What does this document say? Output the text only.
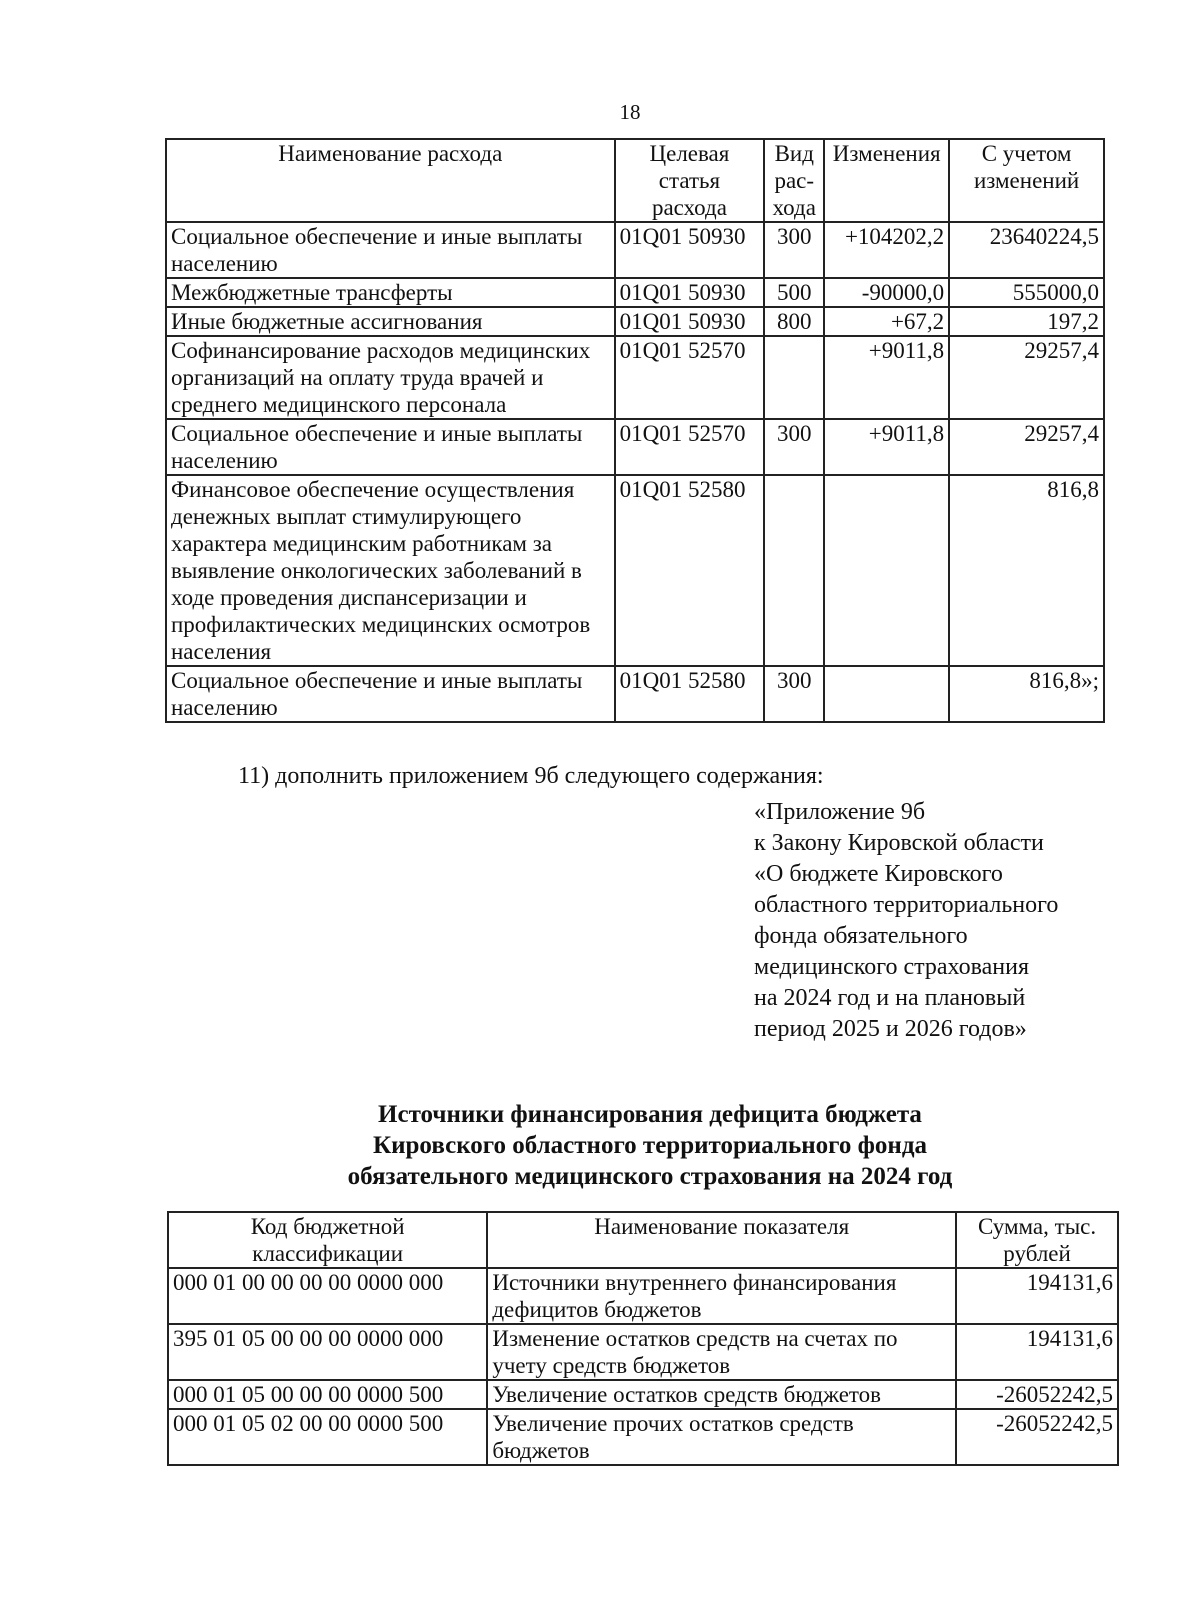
18
Наименование расхода	Целевая статья расхода	Вид рас-хода	Изменения	С учетом изменений
Социальное обеспечение и иные выплаты населению	01Q01 50930	300	+104202,2	23640224,5
Межбюджетные трансферты	01Q01 50930	500	-90000,0	555000,0
Иные бюджетные ассигнования	01Q01 50930	800	+67,2	197,2
Софинансирование расходов медицинских организаций на оплату труда врачей и среднего медицинского персонала	01Q01 52570		+9011,8	29257,4
Социальное обеспечение и иные выплаты населению	01Q01 52570	300	+9011,8	29257,4
Финансовое обеспечение осуществления денежных выплат стимулирующего характера медицинским работникам за выявление онкологических заболеваний в ходе проведения диспансеризации и профилактических медицинских осмотров населения	01Q01 52580			816,8
Социальное обеспечение и иные выплаты населению	01Q01 52580	300		816,8»;
11) дополнить приложением 9б следующего содержания:
«Приложение 9б
к Закону Кировской области
«О бюджете Кировского
областного территориального
фонда обязательного
медицинского страхования
на 2024 год и на плановый
период 2025 и 2026 годов»
Источники финансирования дефицита бюджета
Кировского областного территориального фонда
обязательного медицинского страхования на 2024 год
Код бюджетной классификации	Наименование показателя	Сумма, тыс. рублей
000 01 00 00 00 00 0000 000	Источники внутреннего финансирования дефицитов бюджетов	194131,6
395 01 05 00 00 00 0000 000	Изменение остатков средств на счетах по учету средств бюджетов	194131,6
000 01 05 00 00 00 0000 500	Увеличение остатков средств бюджетов	-26052242,5
000 01 05 02 00 00 0000 500	Увеличение прочих остатков средств бюджетов	-26052242,5
